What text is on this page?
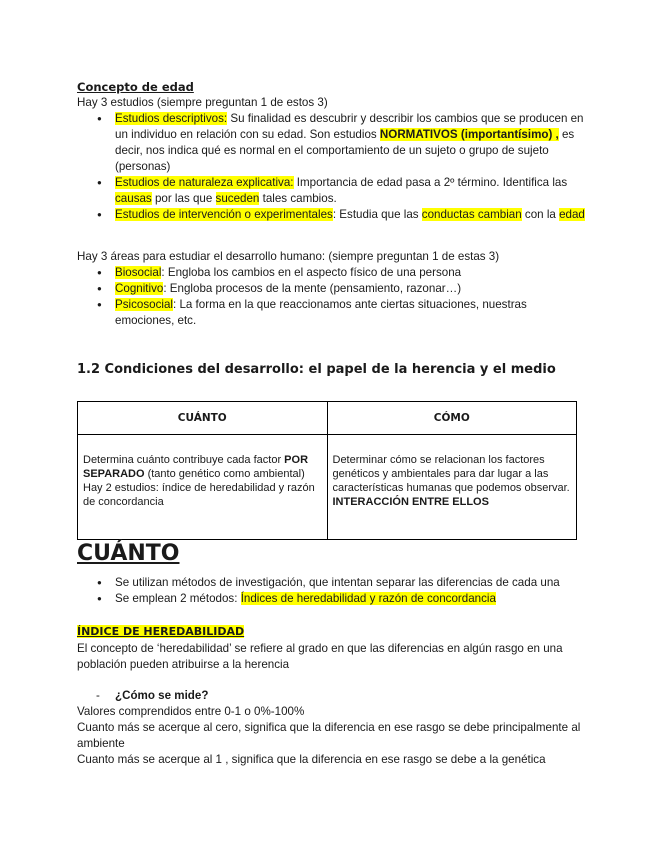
Concepto de edad
Hay 3 estudios (siempre preguntan 1 de estos 3)
● Estudios descriptivos: Su finalidad es descubrir y describir los cambios que se producen en un individuo en relación con su edad. Son estudios NORMATIVOS (importantísimo) , es decir, nos indica qué es normal en el comportamiento de un sujeto o grupo de sujeto (personas)
● Estudios de naturaleza explicativa: Importancia de edad pasa a 2º término. Identifica las causas por las que suceden tales cambios.
● Estudios de intervención o experimentales: Estudia que las conductas cambian con la edad
Hay 3 áreas para estudiar el desarrollo humano: (siempre preguntan 1 de estas 3)
● Biosocial: Engloba los cambios en el aspecto físico de una persona
● Cognitivo: Engloba procesos de la mente (pensamiento, razonar…)
● Psicosocial: La forma en la que reaccionamos ante ciertas situaciones, nuestras emociones, etc.
1.2 Condiciones del desarrollo: el papel de la herencia y el medio
CUÁNTO	CÓMO
Determina cuánto contribuye cada factor POR SEPARADO (tanto genético como ambiental)
Hay 2 estudios: índice de heredabilidad y razón de concordancia	Determinar cómo se relacionan los factores genéticos y ambientales para dar lugar a las características humanas que podemos observar. INTERACCIÓN ENTRE ELLOS
CUÁNTO
● Se utilizan métodos de investigación, que intentan separar las diferencias de cada una
● Se emplean 2 métodos: Índices de heredabilidad y razón de concordancia
ÍNDICE DE HEREDABILIDAD
El concepto de ‘heredabilidad’ se refiere al grado en que las diferencias en algún rasgo en una población pueden atribuirse a la herencia
- ¿Cómo se mide?
Valores comprendidos entre 0-1 o 0%-100%
Cuanto más se acerque al cero, significa que la diferencia en ese rasgo se debe principalmente al ambiente
Cuanto más se acerque al 1 , significa que la diferencia en ese rasgo se debe a la genética
